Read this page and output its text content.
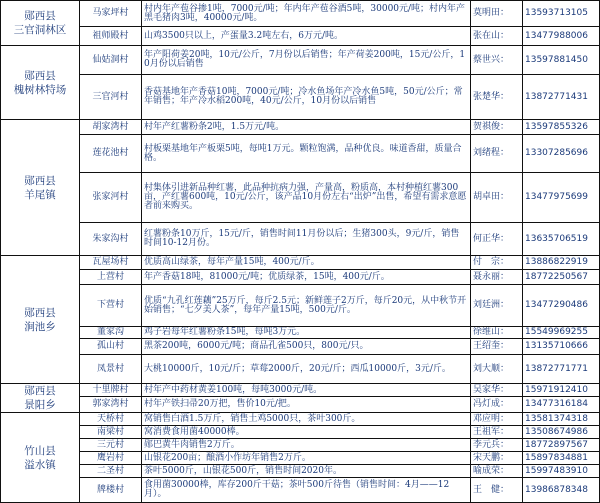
郧西县
三官洞林区	马家坪村	村内年产苞谷掺1吨，7000元/吨；年内年产苞谷酒5吨，30000元/吨；村内年产黑毛猪肉3吨，40000元/吨。	莫明田：	13593713105
	祖师殿村	山鸡3500只以上，产蛋量3.2吨左右，6万元/吨。	张在山：	13477988006

郧西县
槐树林特场	仙姑洞村	年产阳荷姜20吨，10元/公斤，7月份以后销售；年产荷姜200吨，15元/公斤，10月份以后销售	蔡世兴：	13597881450
	三官河村	香菇基地年产香菇10吨，7000元/吨；冷水鱼场年产冷水鱼5吨，50元/公斤；常年销售；年产冷水稻200吨，40元/公斤，10月份以后销售	张楚华：	13872771431

郧西县
羊尾镇	胡家湾村	村年产红薯粉条2吨，1.5万元/吨。	贺祺俊：	13597855326
	莲花池村	村板栗基地年产板栗5吨，每吨1万元。颗粒饱满，品种优良。味道香甜，质量合格。	刘绪程：	13307285696
	张家河村	村集体引进新品种红薯，此品种抗病力强，产量高，粉质高，本村种植红薯300亩，产红薯600吨，10元/公斤，该产品10月份左右“出炉”出售，希望有需求意愿者前来购买。	胡卓田：	13477975699
	朱家沟村	红薯粉条10万斤，15元/斤，销售时间11月份以后；生猪300头，9元/斤，销售时间10-12月份。	何正华：	13635706519

郧西县
涧池乡	瓦屋场村	优质高山绿茶，每年产量15吨，400元/斤。	付　宗：	13886822919
	上营村	年产香菇18吨，81000元/吨；优质绿茶，15吨，400元/斤。	聂永丽：	18772250567
	下营村	优质“九孔红莲藕”25万斤，每斤2.5元；新鲜莲子2万斤，每斤20元，从中秋节开始销售；“七夕美人茶”，每年产量15吨，500元/斤。	刘廷洲：	13477290486
	董家沟	鸡子岩每年红薯粉条15吨，每吨3万元。	徐维山：	15549969255
	孤山村	黑茶200吨，6000元/吨；商品孔雀500只，800元/只。	王绍奎：	13135710666
	凤景村	大桃10000斤，10元/斤；草莓2000斤，20元/斤；西瓜10000斤，3元/斤。	刘大顺：	13872771771

郧西县
景阳乡	十里牌村	村年产中药材黄姜100吨，每吨3000元/吨。	吴家华：	15971912410
	郭家湾村	村年产铁扫帚20万把，售价10元/把。	冯灯成：	13477316184

竹山县
溢水镇	天桥村	窝销售白酒1.5万斤，销售土鸡5000只，茶叶300斤。	邓应明：	13581374318
	南梁村	窝消费食用菌40000棒。	王祖军：	13508674986
	三元村	郧巴黄牛肉销售2万斤。	李元兵：	18772897567
	鹰岩村	山银花200亩；酿酒小作坊年销售2万斤。	宋天鹏：	15897834881
	二圣村	茶叶5000斤，山银花500斤，销售时间2020年。	喻成荣：	15997483910
	牌楼村	食用菌30000棒，库存200斤干菇；茶叶500斤待售（销售时间：4月——12月）。	王　健：	13986878348
